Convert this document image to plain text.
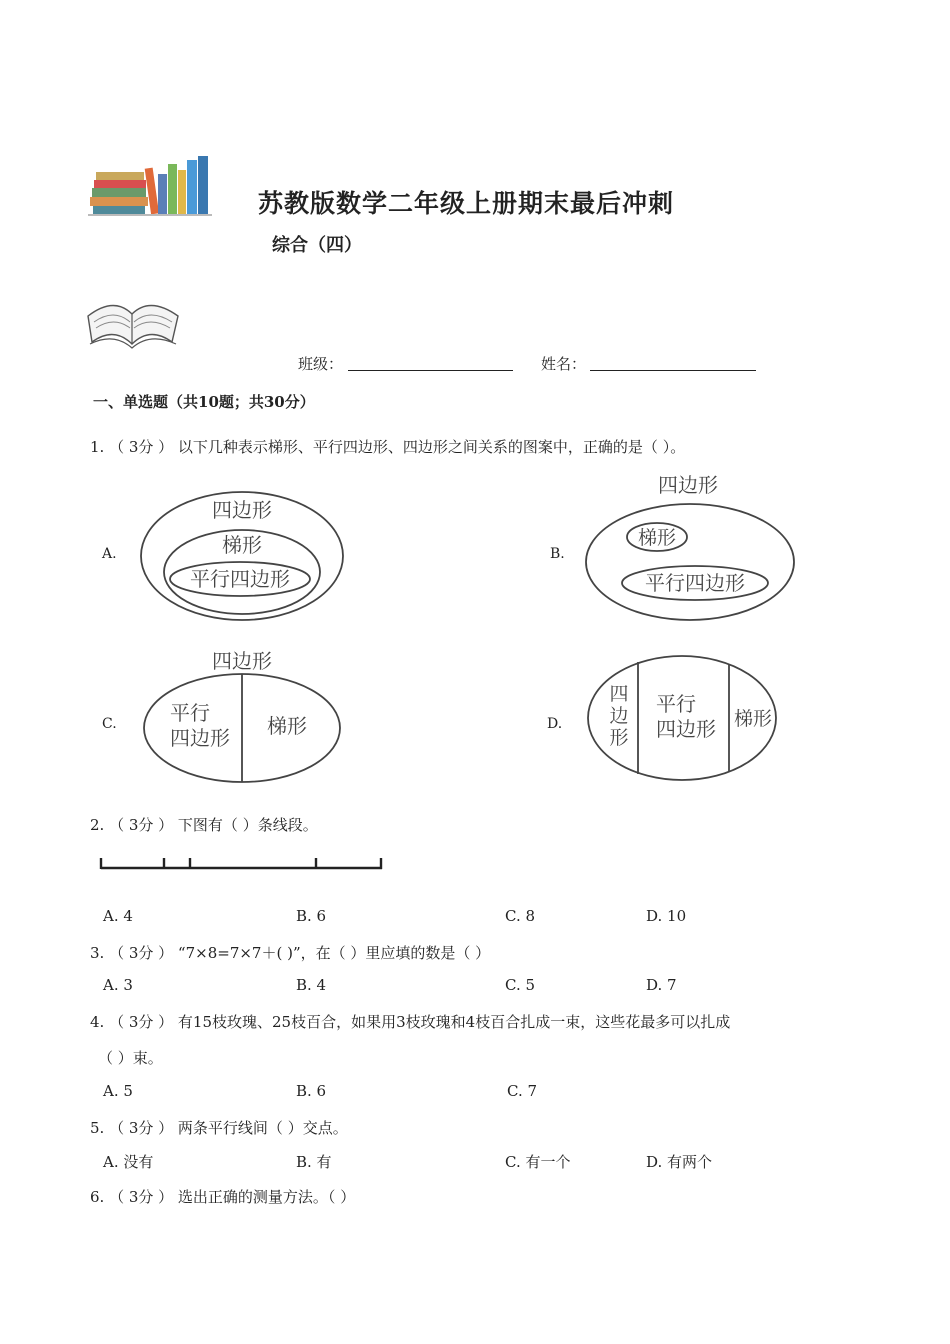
苏教版数学二年级上册期末最后冲刺
综合（四）
班级：	姓名：
一、单选题（共10题；共30分）
1. （ 3分 ） 以下几种表示梯形、平行四边形、四边形之间关系的图案中，正确的是（ ）。
A.
四边形
梯形
平行四边形
B.
四边形
梯形
平行四边形
C.
四边形
平行
四边形 梯形	D.
四
边
形
平行
四边形 梯形
2. （ 3分 ） 下图有（ ）条线段。
A. 4	B. 6	C. 8	D. 10
3. （ 3分 ） “7×8=7×7＋( )”，在（ ）里应填的数是（ ）
A. 3	B. 4	C. 5	D. 7
4. （ 3分 ） 有15枝玫瑰、25枝百合，如果用3枝玫瑰和4枝百合扎成一束，这些花最多可以扎成
（ ）束。
A. 5	B. 6	C. 7
5. （ 3分 ） 两条平行线间（ ）交点。
A. 没有	B. 有	C. 有一个	D. 有两个
6. （ 3分 ） 选出正确的测量方法。（ ）
